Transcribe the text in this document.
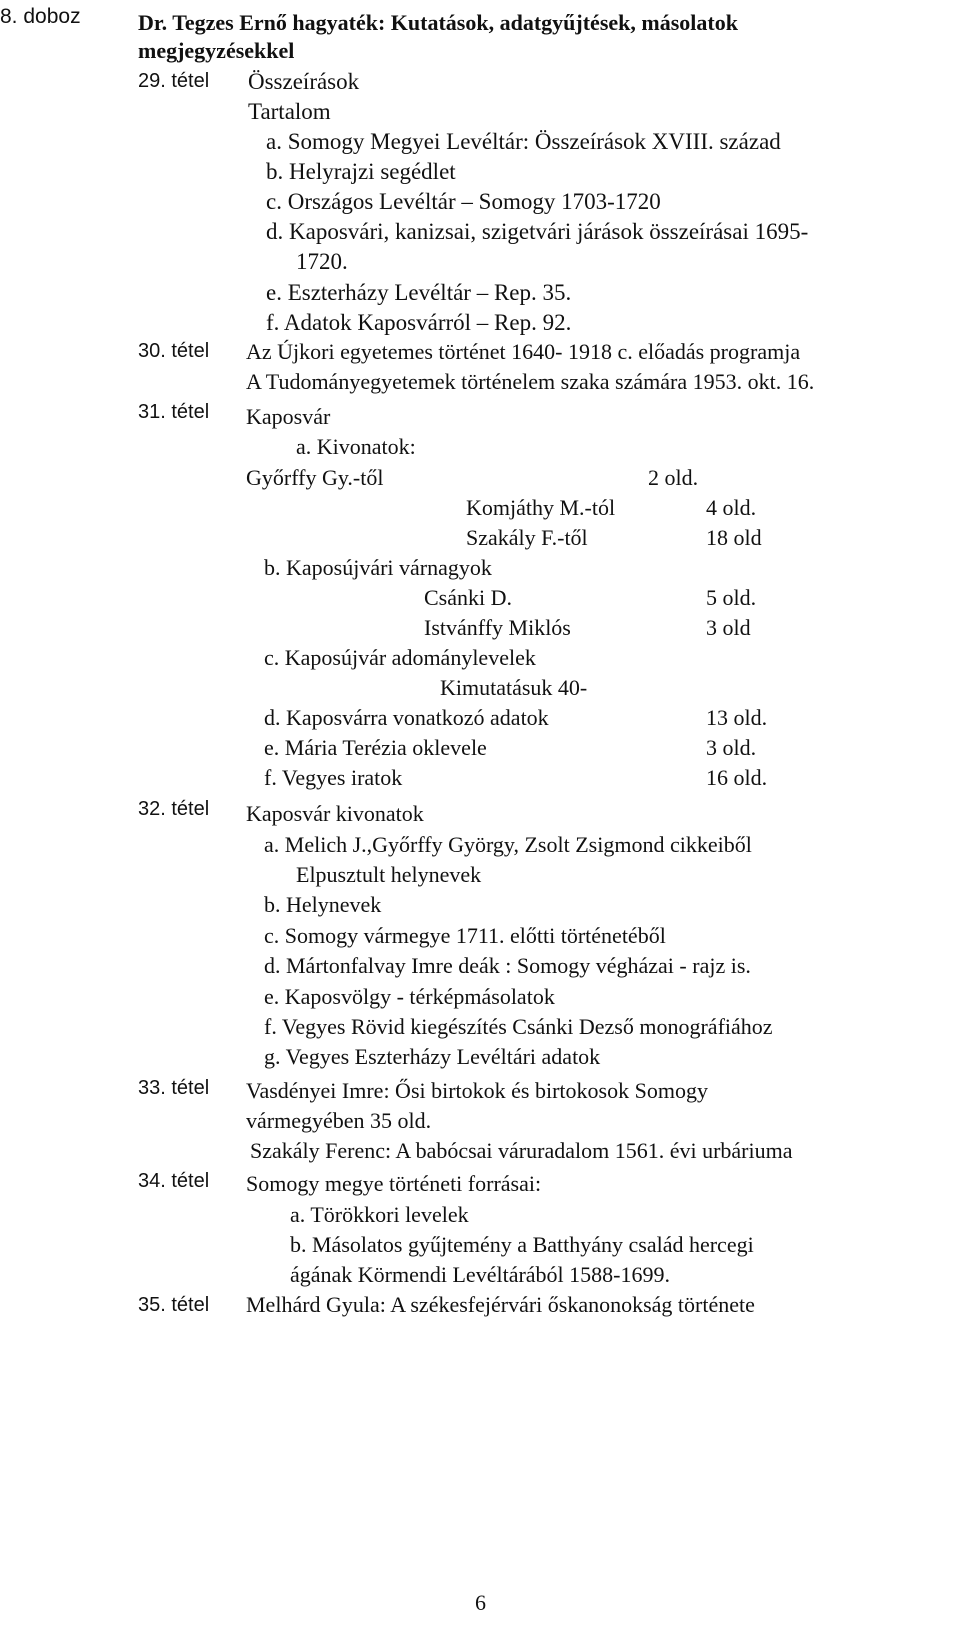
8. doboz	Dr. Tegzes Ernő hagyaték: Kutatások, adatgyűjtések, másolatok
megjegyzésekkel
29. tétel Összeírások
Tartalom
a. Somogy Megyei Levéltár: Összeírások XVIII. század
b. Helyrajzi segédlet
c. Országos Levéltár – Somogy 1703-1720
d. Kaposvári, kanizsai, szigetvári járások összeírásai 1695-
1720.
e. Eszterházy Levéltár – Rep. 35.
f. Adatok Kaposvárról – Rep. 92.
30. tétel Az Újkori egyetemes történet 1640- 1918 c. előadás programja
A Tudományegyetemek történelem szaka számára 1953. okt. 16.
31. tétel Kaposvár
a. Kivonatok:
Győrffy Gy.-től	2 old.
Komjáthy M.-tól	4 old.
Szakály F.-től	18 old
b. Kaposújvári várnagyok
Csánki D.	5 old.
Istvánffy Miklós	3 old
c. Kaposújvár adománylevelek
Kimutatásuk 40-
d. Kaposvárra vonatkozó adatok	13 old.
e. Mária Terézia oklevele	3 old.
f. Vegyes iratok	16 old.
32. tétel Kaposvár kivonatok
a. Melich J.,Győrffy György, Zsolt Zsigmond cikkeiből
Elpusztult helynevek
b. Helynevek
c. Somogy vármegye 1711. előtti történetéből
d. Mártonfalvay Imre deák : Somogy végházai - rajz is.
e. Kaposvölgy - térképmásolatok
f. Vegyes Rövid kiegészítés Csánki Dezső monográfiához
g. Vegyes Eszterházy Levéltári adatok
33. tétel Vasdényei Imre: Ősi birtokok és birtokosok Somogy
vármegyében 35 old.
Szakály Ferenc: A babócsai váruradalom 1561. évi urbáriuma
34. tétel Somogy megye történeti forrásai:
a. Törökkori levelek
b. Másolatos gyűjtemény a Batthyány család hercegi
ágának Körmendi Levéltárából 1588-1699.
35. tétel Melhárd Gyula: A székesfejérvári őskanonokság története
6
